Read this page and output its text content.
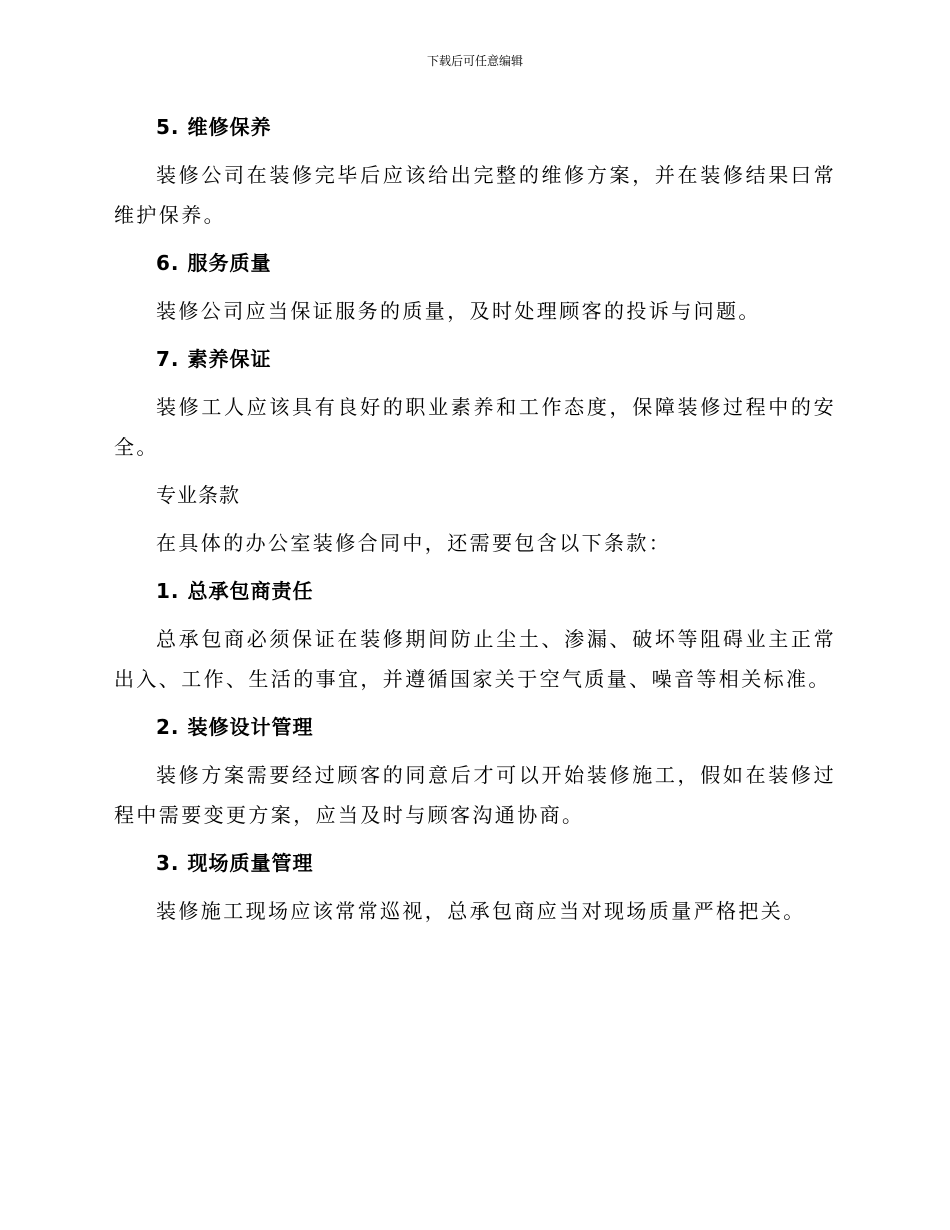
下载后可任意编辑
5. 维修保养
装修公司在装修完毕后应该给出完整的维修方案，并在装修结果曰常维护保养。
6. 服务质量
装修公司应当保证服务的质量，及时处理顾客的投诉与问题。
7. 素养保证
装修工人应该具有良好的职业素养和工作态度，保障装修过程中的安全。
专业条款
在具体的办公室装修合同中，还需要包含以下条款：
1. 总承包商责任
总承包商必须保证在装修期间防止尘土、渗漏、破坏等阻碍业主正常出入、工作、生活的事宜，并遵循国家关于空气质量、噪音等相关标准。
2. 装修设计管理
装修方案需要经过顾客的同意后才可以开始装修施工，假如在装修过程中需要变更方案，应当及时与顾客沟通协商。
3. 现场质量管理
装修施工现场应该常常巡视，总承包商应当对现场质量严格把关。
